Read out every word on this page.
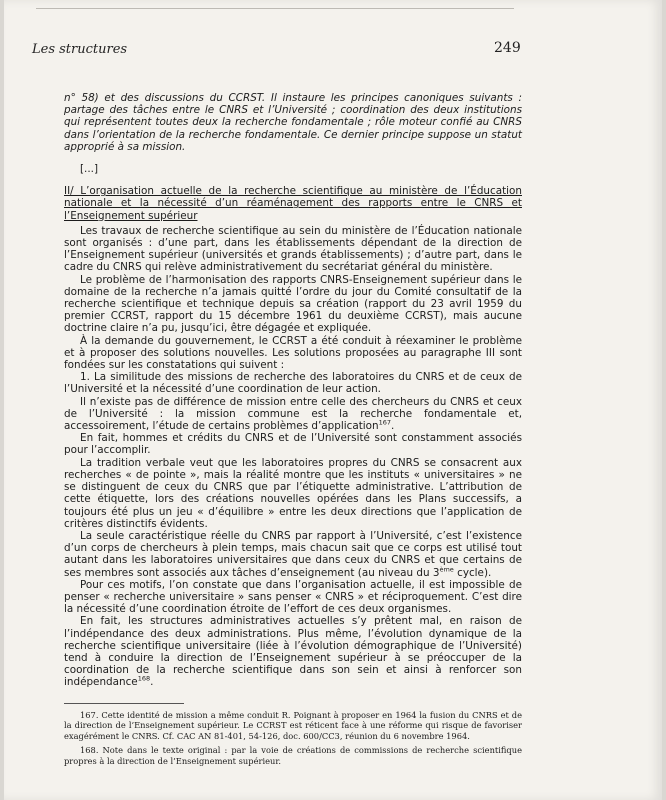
Les structures	249

n° 58) et des discussions du CCRST. Il instaure les principes canoniques suivants : partage des tâches entre le CNRS et l’Université ; coordination des deux institutions qui représentent toutes deux la recherche fondamentale ; rôle moteur confié au CNRS dans l’orientation de la recherche fondamentale. Ce dernier principe suppose un statut approprié à sa mission.

[...]

II/ L’organisation actuelle de la recherche scientifique au ministère de l’Éducation nationale et la nécessité d’un réaménagement des rapports entre le CNRS et l’Enseignement supérieur

Les travaux de recherche scientifique au sein du ministère de l’Éducation nationale sont organisés : d’une part, dans les établissements dépendant de la direction de l’Enseignement supérieur (universités et grands établissements) ; d’autre part, dans le cadre du CNRS qui relève administrativement du secrétariat général du ministère.

Le problème de l’harmonisation des rapports CNRS-Enseignement supérieur dans le domaine de la recherche n’a jamais quitté l’ordre du jour du Comité consultatif de la recherche scientifique et technique depuis sa création (rapport du 23 avril 1959 du premier CCRST, rapport du 15 décembre 1961 du deuxième CCRST), mais aucune doctrine claire n’a pu, jusqu’ici, être dégagée et expliquée.

À la demande du gouvernement, le CCRST a été conduit à réexaminer le problème et à proposer des solutions nouvelles. Les solutions proposées au paragraphe III sont fondées sur les constatations qui suivent :

1. La similitude des missions de recherche des laboratoires du CNRS et de ceux de l’Université et la nécessité d’une coordination de leur action.

Il n’existe pas de différence de mission entre celle des chercheurs du CNRS et ceux de l’Université : la mission commune est la recherche fondamentale et, accessoirement, l’étude de certains problèmes d’application$^{167}$.

En fait, hommes et crédits du CNRS et de l’Université sont constamment associés pour l’accomplir.

La tradition verbale veut que les laboratoires propres du CNRS se consacrent aux recherches « de pointe », mais la réalité montre que les instituts « universitaires » ne se distinguent de ceux du CNRS que par l’étiquette administrative. L’attribution de cette étiquette, lors des créations nouvelles opérées dans les Plans successifs, a toujours été plus un jeu « d’équilibre » entre les deux directions que l’application de critères distinctifs évidents.

La seule caractéristique réelle du CNRS par rapport à l’Université, c’est l’existence d’un corps de chercheurs à plein temps, mais chacun sait que ce corps est utilisé tout autant dans les laboratoires universitaires que dans ceux du CNRS et que certains de ses membres sont associés aux tâches d’enseignement (au niveau du 3ème cycle).

Pour ces motifs, l’on constate que dans l’organisation actuelle, il est impossible de penser « recherche universitaire » sans penser « CNRS » et réciproquement. C’est dire la nécessité d’une coordination étroite de l’effort de ces deux organismes.

En fait, les structures administratives actuelles s’y prêtent mal, en raison de l’indépendance des deux administrations. Plus même, l’évolution dynamique de la recherche scientifique universitaire (liée à l’évolution démographique de l’Université) tend à conduire la direction de l’Enseignement supérieur à se préoccuper de la coordination de la recherche scientifique dans son sein et ainsi à renforcer son indépendance$^{168}$.

167. Cette identité de mission a même conduit R. Poignant à proposer en 1964 la fusion du CNRS et de la direction de l’Enseignement supérieur. Le CCRST est réticent face à une réforme qui risque de favoriser exagérément le CNRS. Cf. CAC AN 81-401, 54-126, doc. 600/CC3, réunion du 6 novembre 1964.

168. Note dans le texte original : par la voie de créations de commissions de recherche scientifique propres à la direction de l’Enseignement supérieur.
